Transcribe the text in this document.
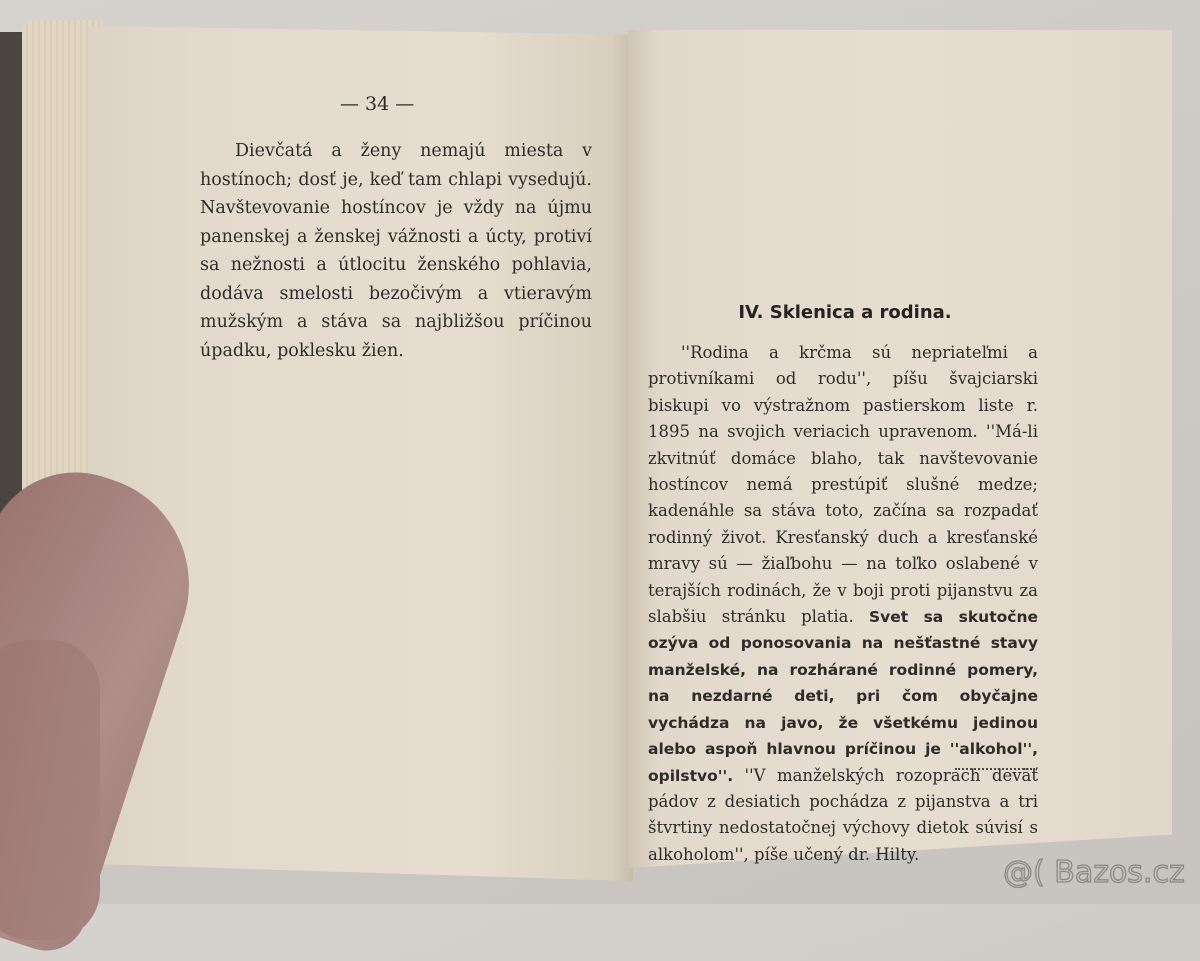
— 34 —

Dievčatá a ženy nemajú miesta v hostínoch; dosť je, keď tam chlapi vysedujú. Navštevovanie hostíncov je vždy na újmu panenskej a ženskej vážnosti a úcty, protiví sa nežnosti a útlocitu ženského pohlavia, dodáva smelosti bezočivým a vtieravým mužským a stáva sa najbližšou príčinou úpadku, poklesku žien.

IV. Sklenica a rodina.

''Rodina a krčma sú nepriateľmi a protivníkami od rodu'', píšu švajciarski biskupi vo výstražnom pastierskom liste r. 1895 na svojich veriacich upravenom. ''Má-li zkvitnúť domáce blaho, tak navštevovanie hostíncov nemá prestúpiť slušné medze; kadenáhle sa stáva toto, začína sa rozpadať rodinný život. Kresťanský duch a kresťanské mravy sú — žiaľbohu — na toľko oslabené v terajších rodinách, že v boji proti pijanstvu za slabšiu stránku platia. Svet sa skutočne ozýva od ponosovania na nešťastné stavy manželské, na rozhárané rodinné pomery, na nezdarné deti, pri čom obyčajne vychádza na javo, že všetkému jedinou alebo aspoň hlavnou príčinou je ''alkohol'', opilstvo''. ''V manželských rozoprach deväť pádov z desiatich pochádza z pijanstva a tri štvrtiny nedostatočnej výchovy dietok súvisí s alkoholom'', píše učený dr. Hilty.

@( Bazos.cz
